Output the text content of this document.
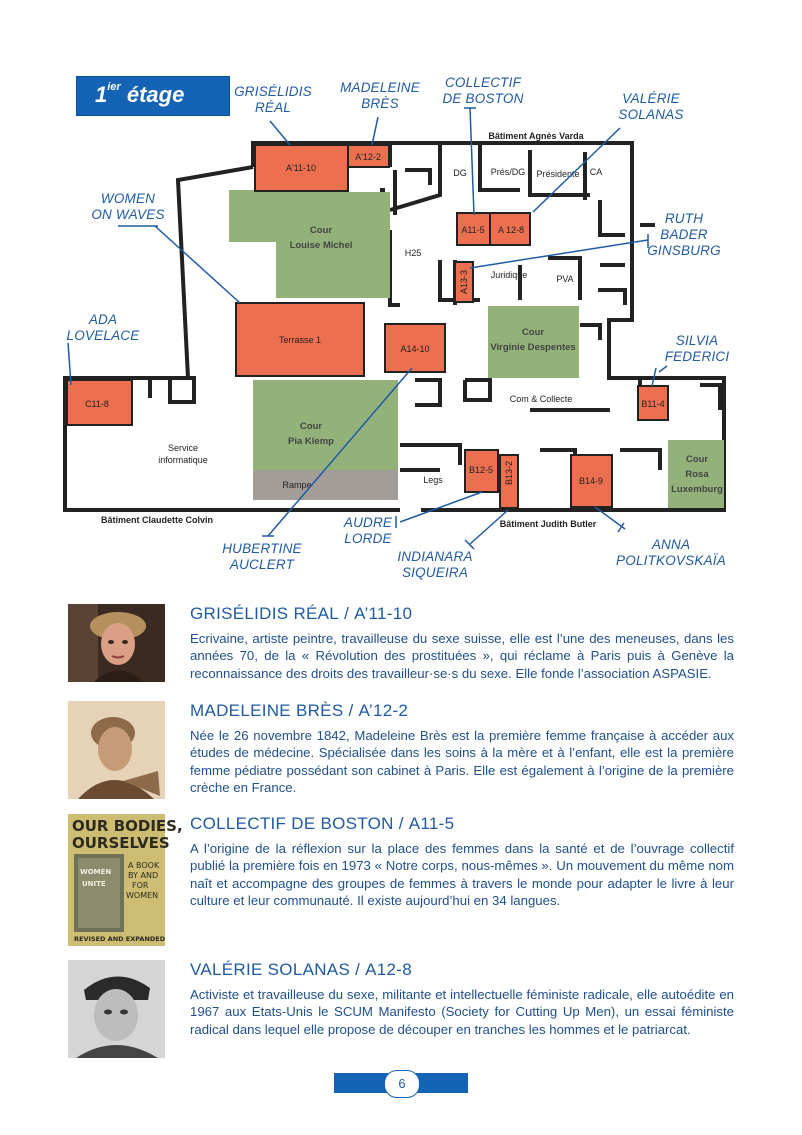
$1^{ier}$ étage
A'11-10
A'12-2
DG	Prés/DG Présidente CA
A11-5 A 12-8
H25
A13-3 Juridique	PVA
Terrasse 1
A14-10
C11-8	Com & Collecte	B11-4
Service
informatique
Rampe	Legs
B12-5 B13-2	B14-9
Cour
Louise Michel
Cour
Virginie Despentes
Cour
Pia Klemp
Cour
Rosa
Luxemburg
Bâtiment Agnès Varda
Bâtiment Claudette Colvin	Bâtiment Judith Butler
GRISÉLIDIS
RÉAL
MADELEINE
BRÈS
COLLECTIF
DE BOSTON	VALÉRIE
SOLANAS
WOMEN
ON WAVES	RUTH
BADER
GINSBURG
ADA
LOVELACE	SILVIA
FEDERICI
AUDRE
LORDE
INDIANARA
SIQUEIRA
ANNA
POLITKOVSKAÏA
HUBERTINE
AUCLERT
GRISÉLIDIS RÉAL / A’11-10
Ecrivaine, artiste peintre, travailleuse du sexe suisse, elle est l’une des meneuses, dans les années 70, de la « Révolution des prostituées », qui réclame à Paris puis à Genève la reconnaissance des droits des travailleur·se·s du sexe. Elle fonde l’association ASPASIE.
MADELEINE BRÈS / A’12-2
Née le 26 novembre 1842, Madeleine Brès est la première femme française à accéder aux études de médecine. Spécialisée dans les soins à la mère et à l’enfant, elle est la première femme pédiatre possédant son cabinet à Paris. Elle est également à l’origine de la première crèche en France.
OUR BODIES,
OURSELVES
WOMEN
UNITE
A BOOK
BY AND
FOR
WOMEN
REVISED AND EXPANDED
COLLECTIF DE BOSTON / A11-5
A l’origine de la réflexion sur la place des femmes dans la santé et de l’ouvrage collectif publié la première fois en 1973 « Notre corps, nous-mêmes ». Un mouvement du même nom naît et accompagne des groupes de femmes à travers le monde pour adapter le livre à leur culture et leur communauté. Il existe aujourd’hui en 34 langues.
VALÉRIE SOLANAS / A12-8
Activiste et travailleuse du sexe, militante et intellectuelle féministe radicale, elle autoédite en 1967 aux Etats-Unis le SCUM Manifesto (Society for Cutting Up Men), un essai féministe radical dans lequel elle propose de découper en tranches les hommes et le patriarcat.
6
